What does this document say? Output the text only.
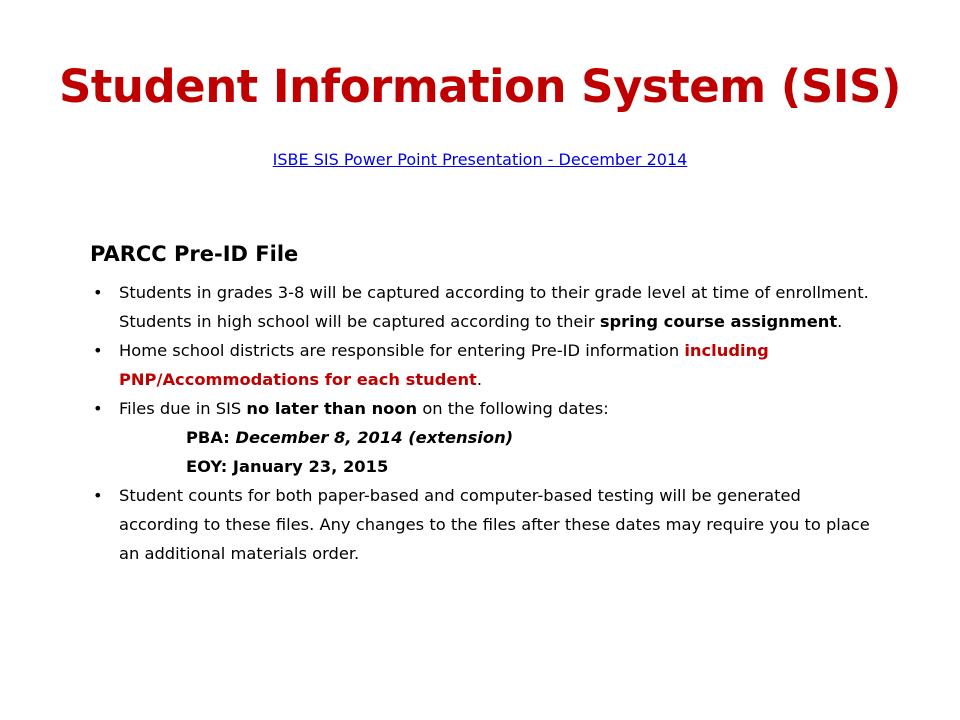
Student Information System (SIS)
ISBE SIS Power Point Presentation - December 2014
PARCC Pre-ID File
• Students in grades 3-8 will be captured according to their grade level at time of enrollment. Students in high school will be captured according to their spring course assignment.
• Home school districts are responsible for entering Pre-ID information including PNP/Accommodations for each student.
• Files due in SIS no later than noon on the following dates:
PBA: December 8, 2014 (extension)
EOY: January 23, 2015
• Student counts for both paper-based and computer-based testing will be generated according to these files. Any changes to the files after these dates may require you to place an additional materials order.
